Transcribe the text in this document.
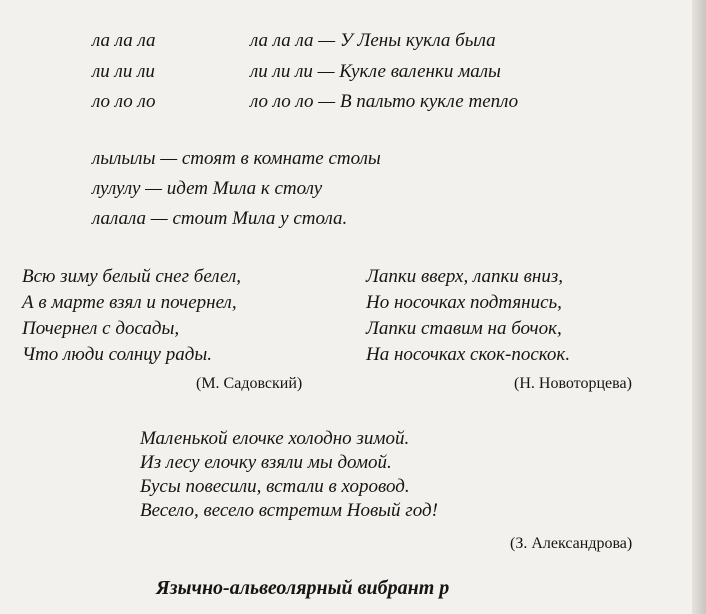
ла ла ла	ла ла ла — У Лены кукла была
ли ли ли	ли ли ли — Кукле валенки малы
ло ло ло	ло ло ло — В пальто кукле тепло
лылылы — стоят в комнате столы
лулулу — идет Мила к столу
лалала — стоит Мила у стола.
Всю зиму белый снег белел,
А в марте взял и почернел,
Почернел с досады,
Что люди солнцу рады.
(М. Садовский)
Лапки вверх, лапки вниз,
Но носочках подтянись,
Лапки ставим на бочок,
На носочках скок-поскок.
(Н. Новоторцева)
Маленькой елочке холодно зимой.
Из лесу елочку взяли мы домой.
Бусы повесили, встали в хоровод.
Весело, весело встретим Новый год!
(З. Александрова)
Язычно-альвеолярный вибрант р
